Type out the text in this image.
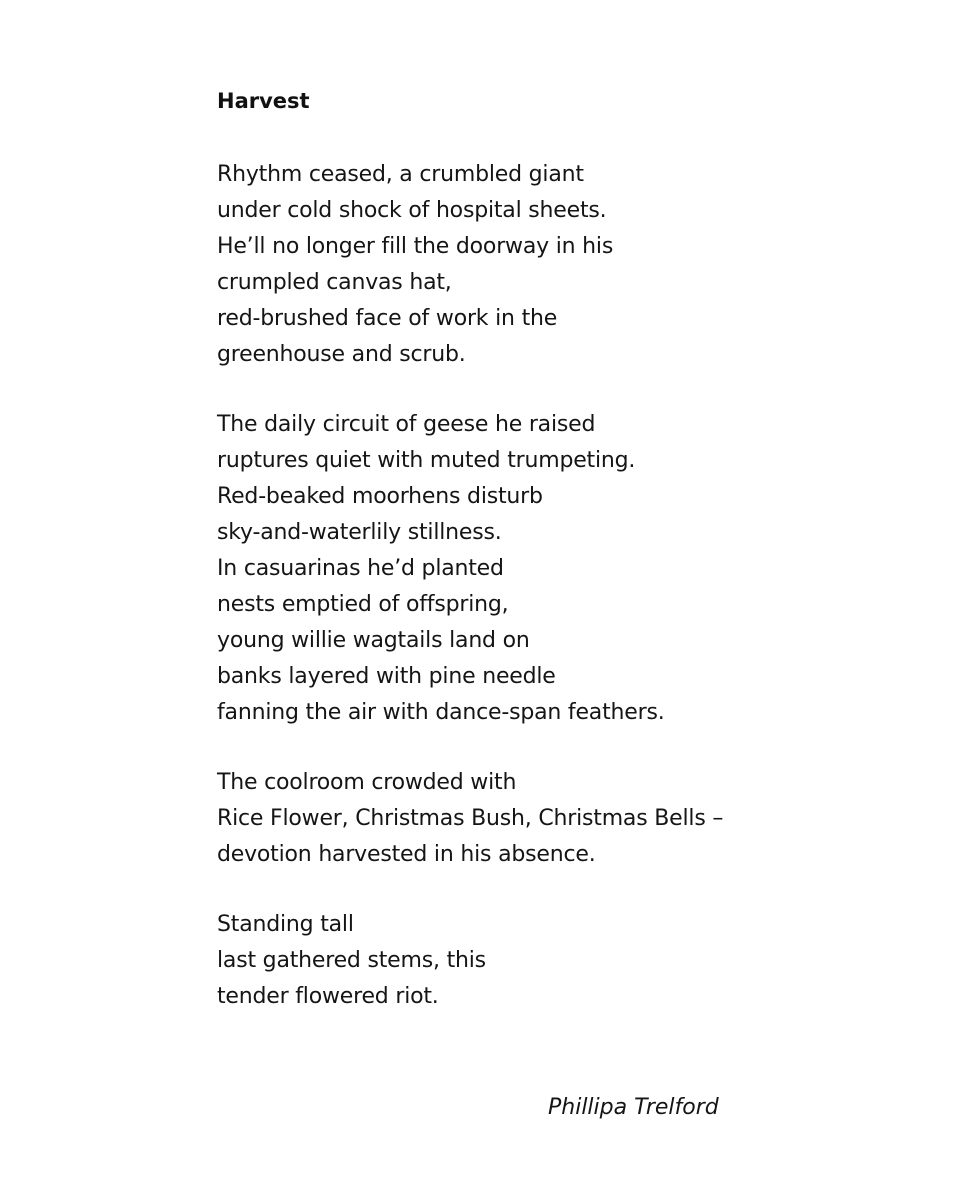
Harvest
Rhythm ceased, a crumbled giant
under cold shock of hospital sheets.
He’ll no longer fill the doorway in his
crumpled canvas hat,
red-brushed face of work in the
greenhouse and scrub.
The daily circuit of geese he raised
ruptures quiet with muted trumpeting.
Red-beaked moorhens disturb
sky-and-waterlily stillness.
In casuarinas he’d planted
nests emptied of offspring,
young willie wagtails land on
banks layered with pine needle
fanning the air with dance-span feathers.
The coolroom crowded with
Rice Flower, Christmas Bush, Christmas Bells –
devotion harvested in his absence.
Standing tall
last gathered stems, this
tender flowered riot.
Phillipa Trelford
